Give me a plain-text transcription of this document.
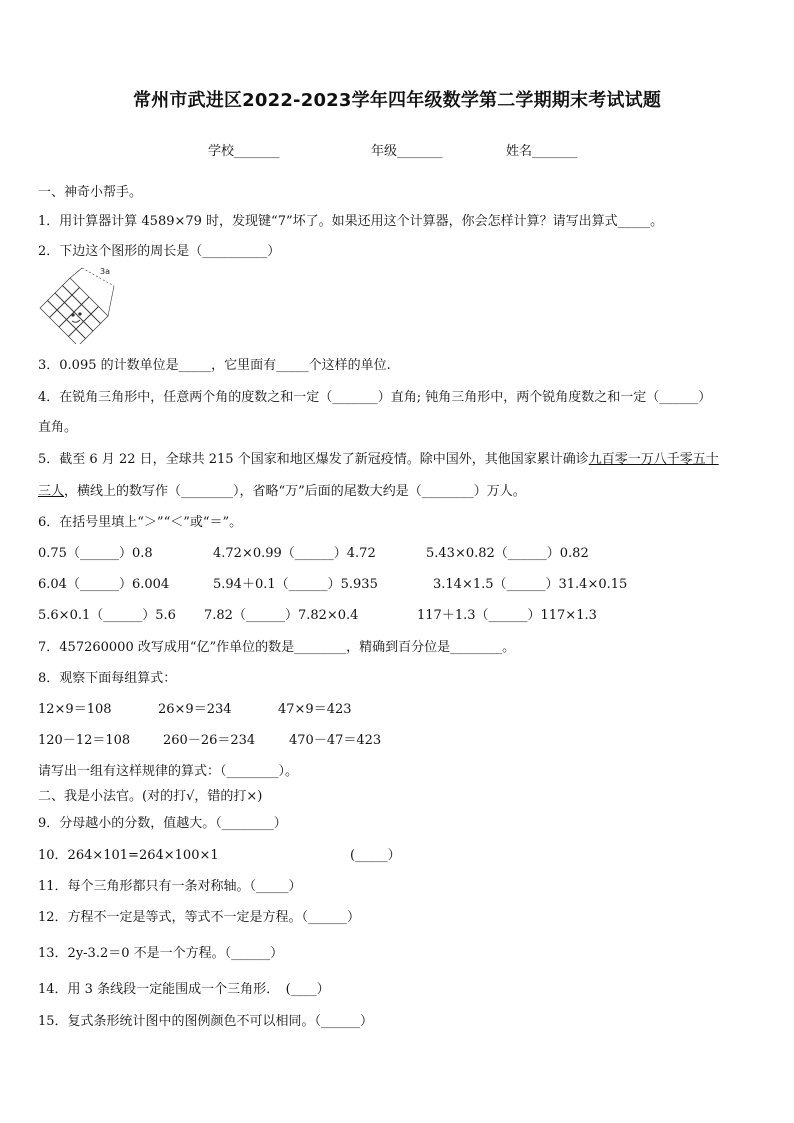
常州市武进区2022-2023学年四年级数学第二学期期末考试试题
学校_______	年级_______	姓名_______
一、神奇小帮手。
1．用计算器计算 4589×79 时，发现键“7”坏了。如果还用这个计算器，你会怎样计算？请写出算式_____。
2．下边这个图形的周长是（__________）
3a
3．0.095 的计数单位是_____，它里面有_____个这样的单位.
4．在锐角三角形中，任意两个角的度数之和一定（_______）直角; 钝角三角形中，两个锐角度数之和一定（______）
直角。
5．截至 6 月 22 日，全球共 215 个国家和地区爆发了新冠疫情。除中国外，其他国家累计确诊九百零一万八千零五十
三人，横线上的数写作（________），省略“万”后面的尾数大约是（________）万人。
6．在括号里填上“＞”“＜”或“＝”。
0.75（______）0.8	4.72×0.99（______）4.72	5.43×0.82（______）0.82
6.04（______）6.004	5.94＋0.1（______）5.935	3.14×1.5（______）31.4×0.15
5.6×0.1（______）5.6 7.82（______）7.82×0.4	117＋1.3（______）117×1.3
7．457260000 改写成用“亿”作单位的数是________，精确到百分位是________。
8．观察下面每组算式：
12×9＝108	26×9＝234	47×9＝423
120－12＝108	260－26＝234	470－47＝423
请写出一组有这样规律的算式：（________）。
二、我是小法官。(对的打√，错的打×)
9．分母越小的分数，值越大。（________）
10．264×101=264×100×1	(_____）
11．每个三角形都只有一条对称轴。（_____）
12．方程不一定是等式，等式不一定是方程。（______）
13．2y-3.2＝0 不是一个方程。（______）
14．用 3 条线段一定能围成一个三角形．　(____）
15．复式条形统计图中的图例颜色不可以相同。（______）
